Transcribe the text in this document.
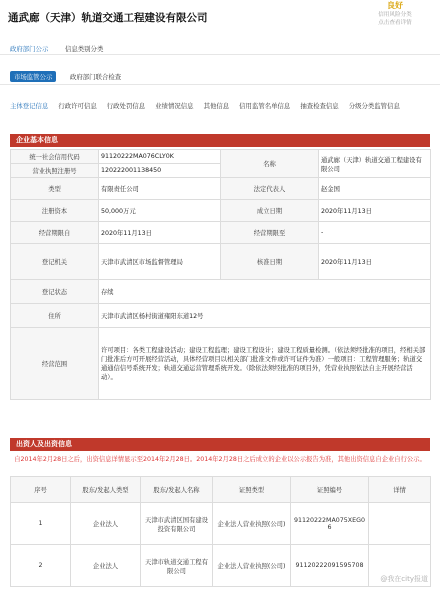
通武廊（天津）轨道交通工程建设有限公司
良好
信用风险分类
点击查看详情
政府部门公示	信息类别分类
市场监管公示	政府部门联合检查
主体登记信息 行政许可信息 行政处罚信息 业绩情况信息 其他信息 信用监管名单信息 抽查检查信息 分级分类监管信息
企业基本信息
统一社会信用代码	91120222MA076CLY0K	名称	通武廊（天津）轨道交通工程建设有限公司
营业执照注册号	120222001138450		
类型	有限责任公司	法定代表人	赵金国
注册资本	50,000万元	成立日期	2020年11月13日
经营期限自	2020年11月13日	经营期限至	-
登记机关	天津市武清区市场监督管理局	核准日期	2020年11月13日
登记状态	存续		
住所	天津市武清区杨村街道雍阳东道12号		
经营范围	许可项目：各类工程建设活动；建设工程监理；建设工程设计；建设工程质量检测。（依法须经批准的项目，经相关部门批准后方可开展经营活动，具体经营项目以相关部门批准文件或许可证件为准）一般项目：工程管理服务；轨道交通通信信号系统开发；轨道交通运营管理系统开发。（除依法须经批准的项目外，凭营业执照依法自主开展经营活动）。		
出资人及出资信息
自2014年2月28日之后，出资信息详情显示至2014年2月28日。2014年2月28日之后成立的企业以公示报告为准，其他出资信息自企业自行公示。
序号	股东/发起人类型	股东/发起人名称	证照类型	证照编号	详情
1	企业法人	天津市武清区国有建设投资有限公司	企业法人营业执照(公司)	91120222MA075XEG06	
2	企业法人	天津市轨道交通工程有限公司	企业法人营业执照(公司)	91120222091595708	
@我在city报道
